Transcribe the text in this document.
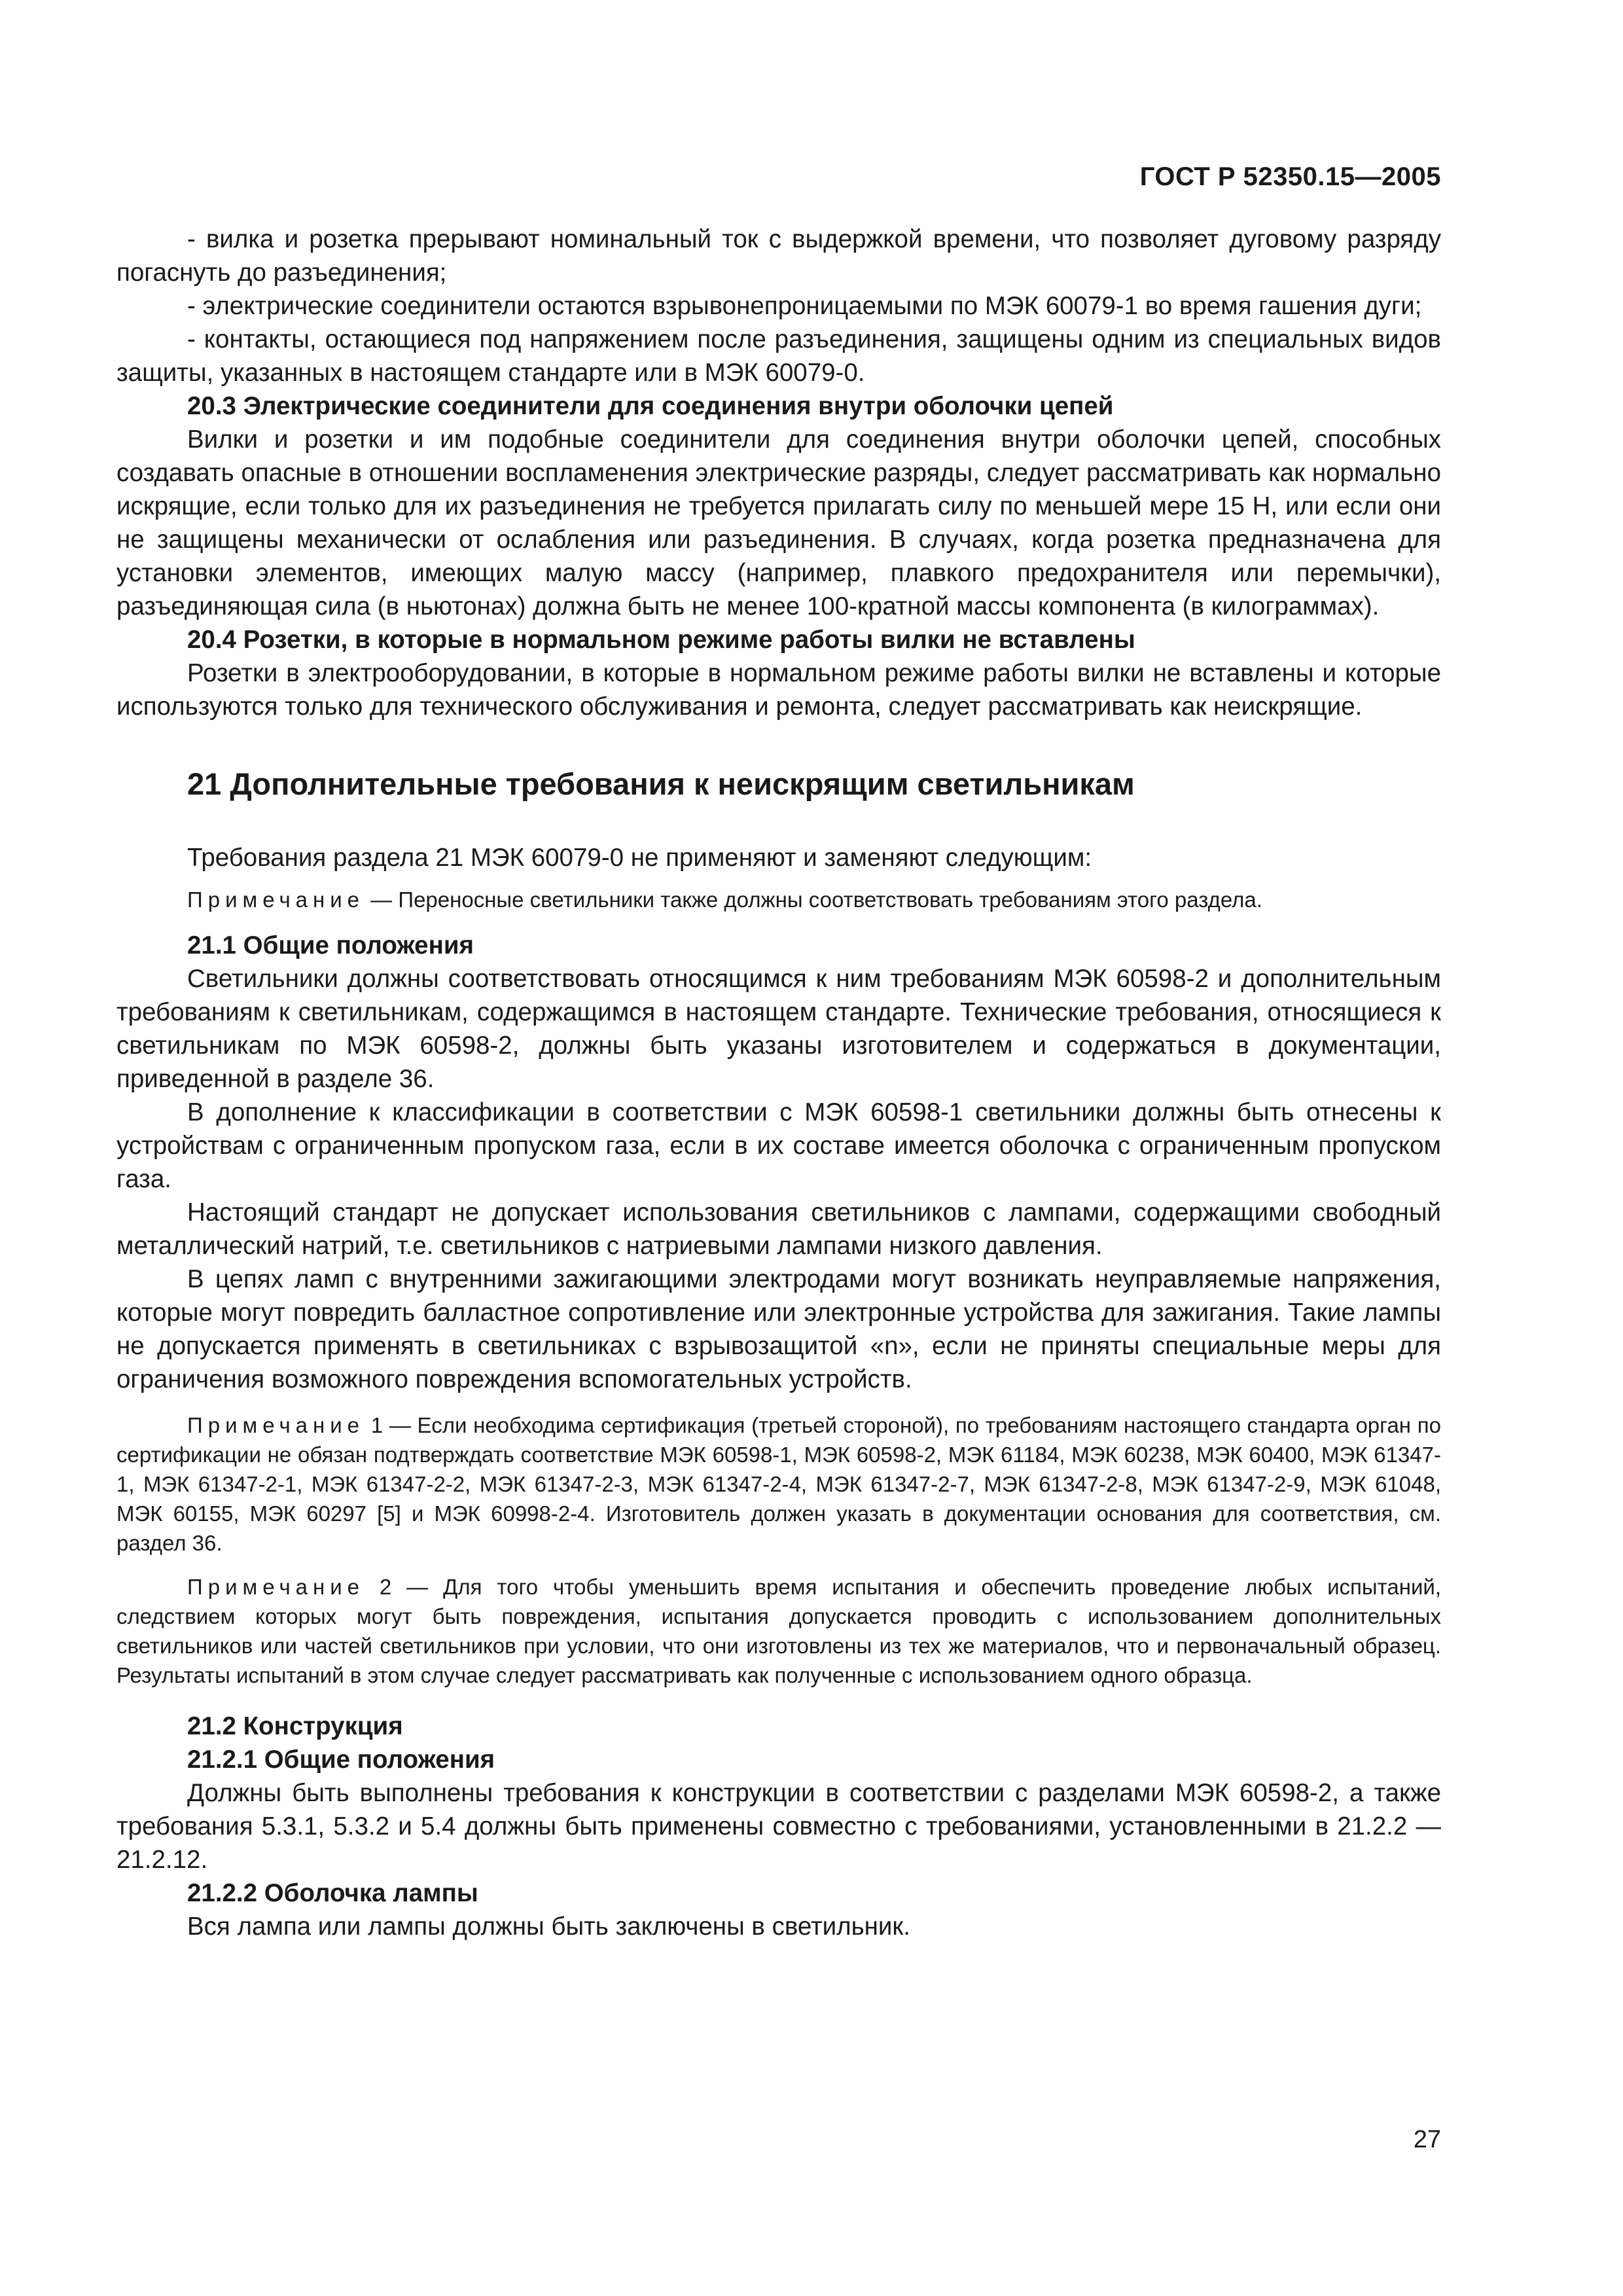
ГОСТ Р 52350.15—2005

- вилка и розетка прерывают номинальный ток с выдержкой времени, что позволяет дуговому разряду погаснуть до разъединения;

- электрические соединители остаются взрывонепроницаемыми по МЭК 60079-1 во время гашения дуги;

- контакты, остающиеся под напряжением после разъединения, защищены одним из специальных видов защиты, указанных в настоящем стандарте или в МЭК 60079-0.

20.3 Электрические соединители для соединения внутри оболочки цепей

Вилки и розетки и им подобные соединители для соединения внутри оболочки цепей, способных создавать опасные в отношении воспламенения электрические разряды, следует рассматривать как нормально искрящие, если только для их разъединения не требуется прилагать силу по меньшей мере 15 Н, или если они не защищены механически от ослабления или разъединения. В случаях, когда розетка предназначена для установки элементов, имеющих малую массу (например, плавкого предохранителя или перемычки), разъединяющая сила (в ньютонах) должна быть не менее 100-кратной массы компонента (в килограммах).

20.4 Розетки, в которые в нормальном режиме работы вилки не вставлены

Розетки в электрооборудовании, в которые в нормальном режиме работы вилки не вставлены и которые используются только для технического обслуживания и ремонта, следует рассматривать как неискрящие.

21 Дополнительные требования к неискрящим светильникам

Требования раздела 21 МЭК 60079-0 не применяют и заменяют следующим:

Примечание — Переносные светильники также должны соответствовать требованиям этого раздела.

21.1 Общие положения

Светильники должны соответствовать относящимся к ним требованиям МЭК 60598-2 и дополнительным требованиям к светильникам, содержащимся в настоящем стандарте. Технические требования, относящиеся к светильникам по МЭК 60598-2, должны быть указаны изготовителем и содержаться в документации, приведенной в разделе 36.

В дополнение к классификации в соответствии с МЭК 60598-1 светильники должны быть отнесены к устройствам с ограниченным пропуском газа, если в их составе имеется оболочка с ограниченным пропуском газа.

Настоящий стандарт не допускает использования светильников с лампами, содержащими свободный металлический натрий, т.е. светильников с натриевыми лампами низкого давления.

В цепях ламп с внутренними зажигающими электродами могут возникать неуправляемые напряжения, которые могут повредить балластное сопротивление или электронные устройства для зажигания. Такие лампы не допускается применять в светильниках с взрывозащитой «n», если не приняты специальные меры для ограничения возможного повреждения вспомогательных устройств.

Примечание 1 — Если необходима сертификация (третьей стороной), по требованиям настоящего стандарта орган по сертификации не обязан подтверждать соответствие МЭК 60598-1, МЭК 60598-2, МЭК 61184, МЭК 60238, МЭК 60400, МЭК 61347-1, МЭК 61347-2-1, МЭК 61347-2-2, МЭК 61347-2-3, МЭК 61347-2-4, МЭК 61347-2-7, МЭК 61347-2-8, МЭК 61347-2-9, МЭК 61048, МЭК 60155, МЭК 60297 [5] и МЭК 60998-2-4. Изготовитель должен указать в документации основания для соответствия, см. раздел 36.

Примечание 2 — Для того чтобы уменьшить время испытания и обеспечить проведение любых испытаний, следствием которых могут быть повреждения, испытания допускается проводить с использованием дополнительных светильников или частей светильников при условии, что они изготовлены из тех же материалов, что и первоначальный образец. Результаты испытаний в этом случае следует рассматривать как полученные с использованием одного образца.

21.2 Конструкция

21.2.1 Общие положения

Должны быть выполнены требования к конструкции в соответствии с разделами МЭК 60598-2, а также требования 5.3.1, 5.3.2 и 5.4 должны быть применены совместно с требованиями, установленными в 21.2.2 — 21.2.12.

21.2.2 Оболочка лампы

Вся лампа или лампы должны быть заключены в светильник.

27
